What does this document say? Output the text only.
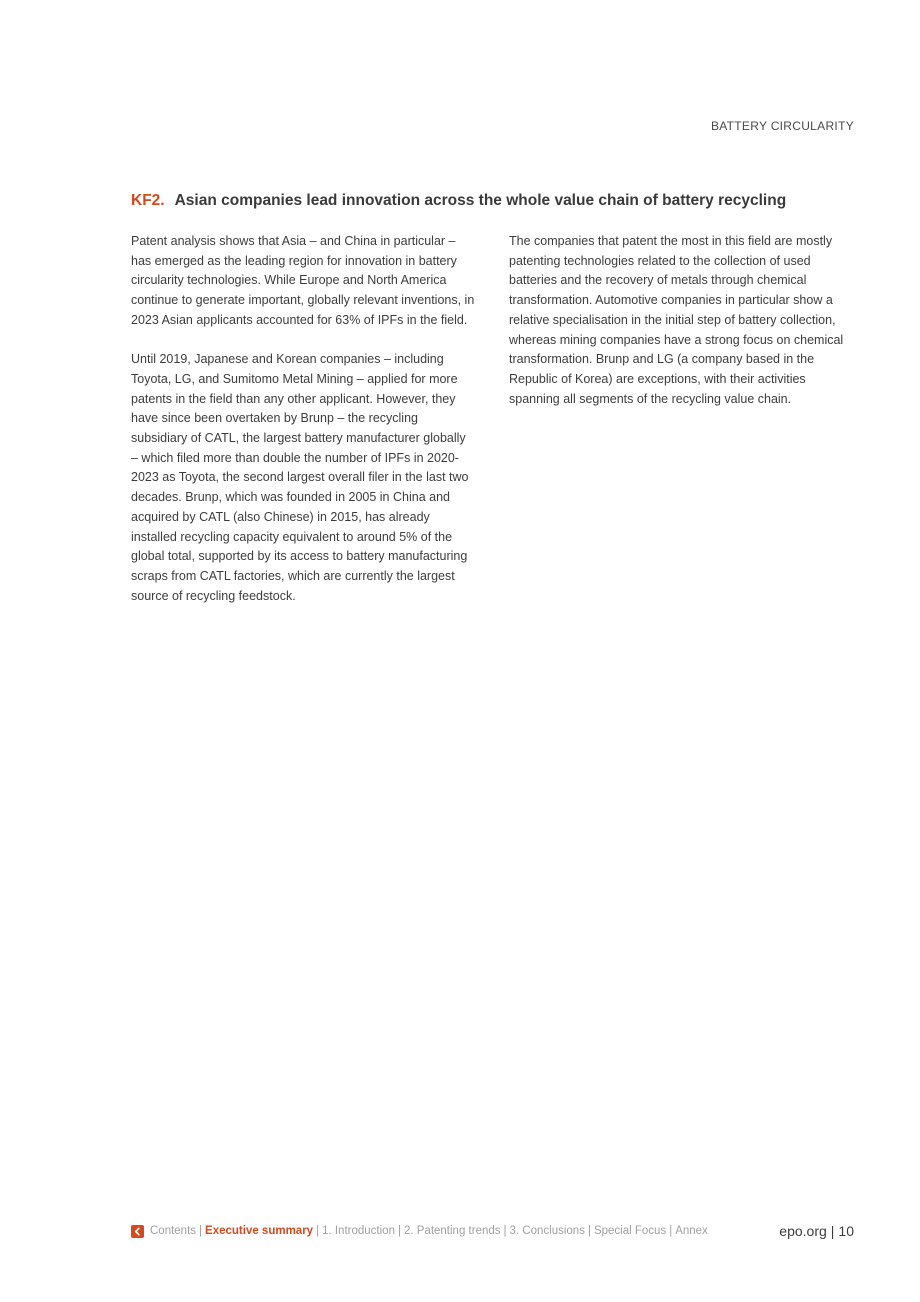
BATTERY CIRCULARITY
KF2. Asian companies lead innovation across the whole value chain of battery recycling

Patent analysis shows that Asia – and China in particular – has emerged as the leading region for innovation in battery circularity technologies. While Europe and North America continue to generate important, globally relevant inventions, in 2023 Asian applicants accounted for 63% of IPFs in the field.

Until 2019, Japanese and Korean companies – including Toyota, LG, and Sumitomo Metal Mining – applied for more patents in the field than any other applicant. However, they have since been overtaken by Brunp – the recycling subsidiary of CATL, the largest battery manufacturer globally – which filed more than double the number of IPFs in 2020-2023 as Toyota, the second largest overall filer in the last two decades. Brunp, which was founded in 2005 in China and acquired by CATL (also Chinese) in 2015, has already installed recycling capacity equivalent to around 5% of the global total, supported by its access to battery manufacturing scraps from CATL factories, which are currently the largest source of recycling feedstock.

The companies that patent the most in this field are mostly patenting technologies related to the collection of used batteries and the recovery of metals through chemical transformation. Automotive companies in particular show a relative specialisation in the initial step of battery collection, whereas mining companies have a strong focus on chemical transformation. Brunp and LG (a company based in the Republic of Korea) are exceptions, with their activities spanning all segments of the recycling value chain.

Contents | Executive summary | 1. Introduction | 2. Patenting trends | 3. Conclusions | Special Focus | Annex	epo.org | 10
